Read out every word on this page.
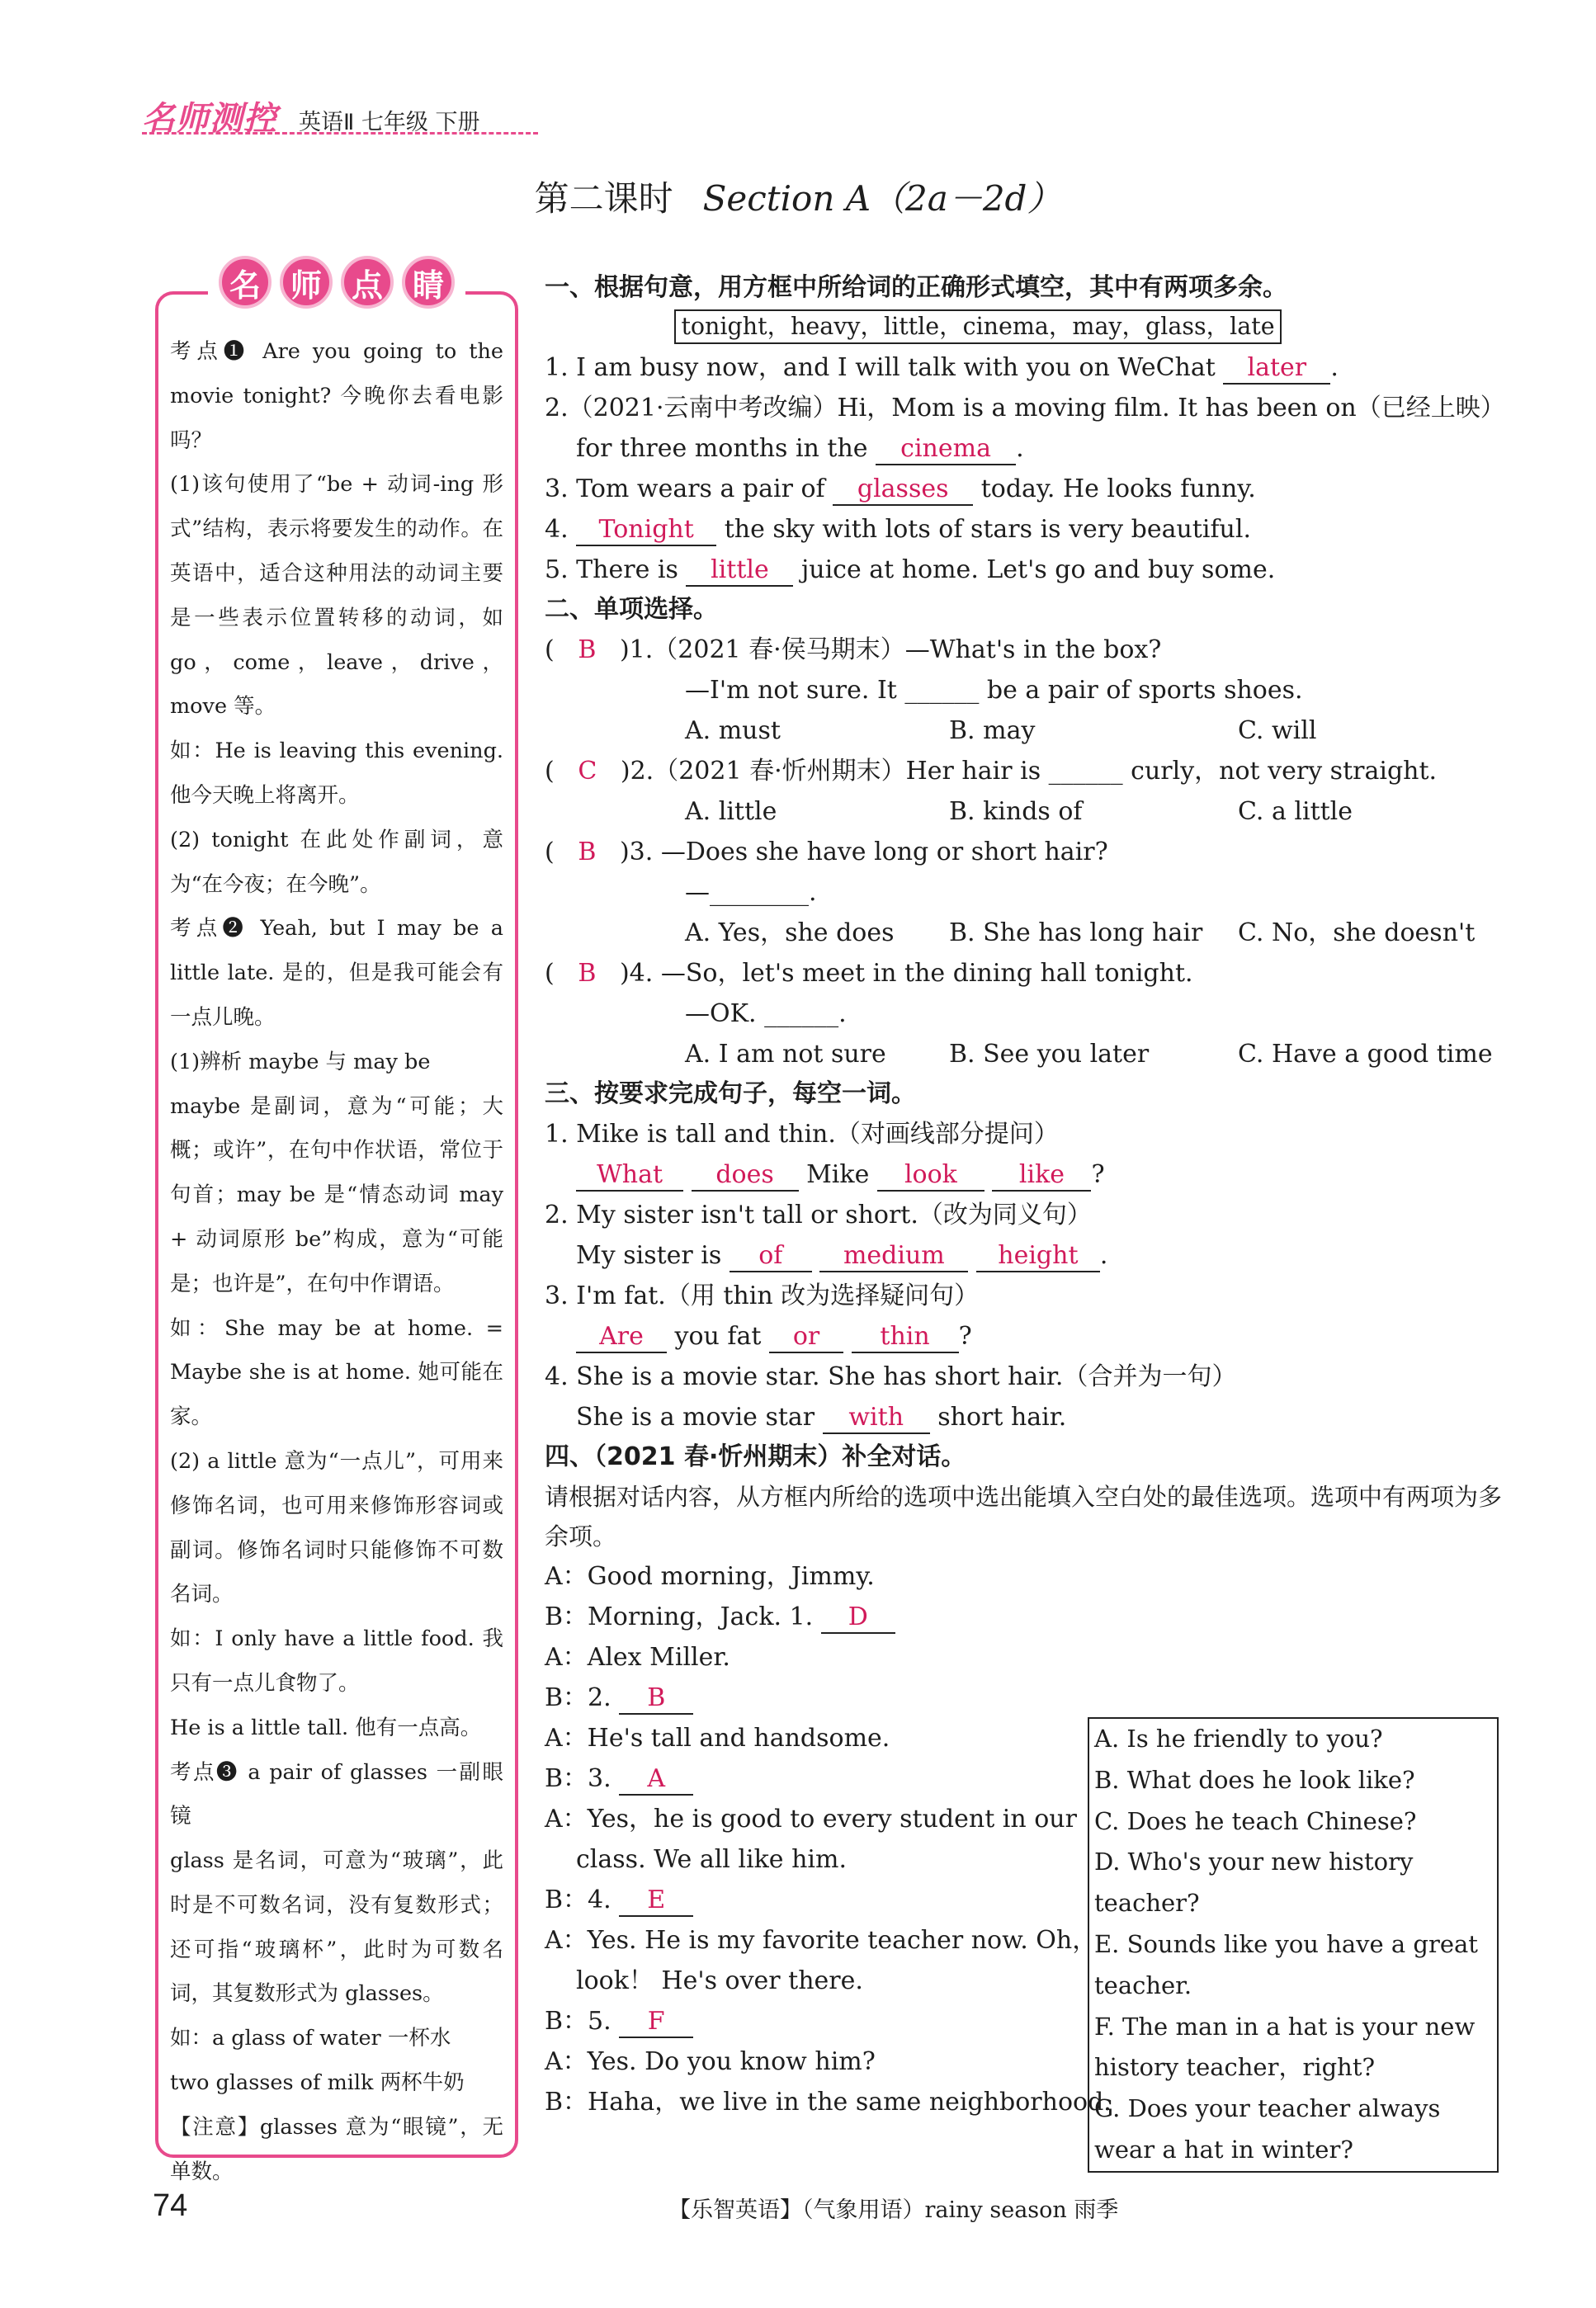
名师测控 英语Ⅱ 七年级 下册
第二课时 Section A（2a－2d）
名 师 点 睛

考点❶ Are you going to the movie tonight? 今晚你去看电影吗？

(1)该句使用了“be + 动词-ing 形式”结构，表示将要发生的动作。在英语中，适合这种用法的动词主要是一些表示位置转移的动词，如 go，come，leave，drive，move 等。

如：He is leaving this evening. 他今天晚上将离开。

(2) tonight 在此处作副词，意为“在今夜；在今晚”。

考点❷ Yeah, but I may be a little late. 是的，但是我可能会有一点儿晚。

(1)辨析 maybe 与 may be

maybe 是副词，意为“可能；大概；或许”，在句中作状语，常位于句首；may be 是“情态动词 may + 动词原形 be”构成，意为“可能是；也许是”，在句中作谓语。

如：She may be at home. = Maybe she is at home. 她可能在家。

(2) a little 意为“一点儿”，可用来修饰名词，也可用来修饰形容词或副词。修饰名词时只能修饰不可数名词。

如：I only have a little food. 我只有一点儿食物了。

He is a little tall. 他有一点高。

考点❸ a pair of glasses 一副眼镜

glass 是名词，可意为“玻璃”，此时是不可数名词，没有复数形式；还可指“玻璃杯”，此时为可数名词，其复数形式为 glasses。

如：a glass of water 一杯水

two glasses of milk 两杯牛奶

【注意】glasses 意为“眼镜”，无单数。

一、根据句意，用方框中所给词的正确形式填空，其中有两项多余。
tonight，heavy，little，cinema，may，glass，late
1. I am busy now，and I will talk with you on WeChat later .
2.（2021·云南中考改编）Hi，Mom is a moving film. It has been on（已经上映）
for three months in the cinema .
3. Tom wears a pair of glasses today. He looks funny.
4. Tonight the sky with lots of stars is very beautiful.
5. There is little juice at home. Let's go and buy some.
二、单项选择。
(   B )1.（2021 春·侯马期末）—What's in the box?
—I'm not sure. It ______ be a pair of sports shoes.
A. must	B. may	C. will
(   C )2.（2021 春·忻州期末）Her hair is ______ curly，not very straight.
A. little	B. kinds of	C. a little
(   B )3. —Does she have long or short hair?
—________.
A. Yes，she does	B. She has long hair	C. No，she doesn't
(   B )4. —So，let's meet in the dining hall tonight.
—OK. ______.
A. I am not sure	B. See you later	C. Have a good time
三、按要求完成句子，每空一词。
1. Mike is tall and thin.（对画线部分提问）
What does Mike look	like ?
2. My sister isn't tall or short.（改为同义句）
My sister is of medium height .
3. I'm fat.（用 thin 改为选择疑问句）
Are you fat or thin ?
4. She is a movie star. She has short hair.（合并为一句）
She is a movie star with short hair.
四、（2021 春·忻州期末）补全对话。
请根据对话内容，从方框内所给的选项中选出能填入空白处的最佳选项。选项中有两项为多余项。
A：Good morning，Jimmy.
B：Morning，Jack. 1. D
A：Alex Miller.
B：2. B
A：He's tall and handsome.
B：3. A
A：Yes，he is good to every student in our
class. We all like him.
B：4. E
A：Yes. He is my favorite teacher now. Oh，
look！ He's over there.
B：5. F
A：Yes. Do you know him?
B：Haha，we live in the same neighborhood.

A. Is he friendly to you?

B. What does he look like?

C. Does he teach Chinese?

D. Who's your new history teacher?

E. Sounds like you have a great teacher.

F. The man in a hat is your new history teacher，right?

G. Does your teacher always wear a hat in winter?

74	【乐智英语】（气象用语）rainy season 雨季
